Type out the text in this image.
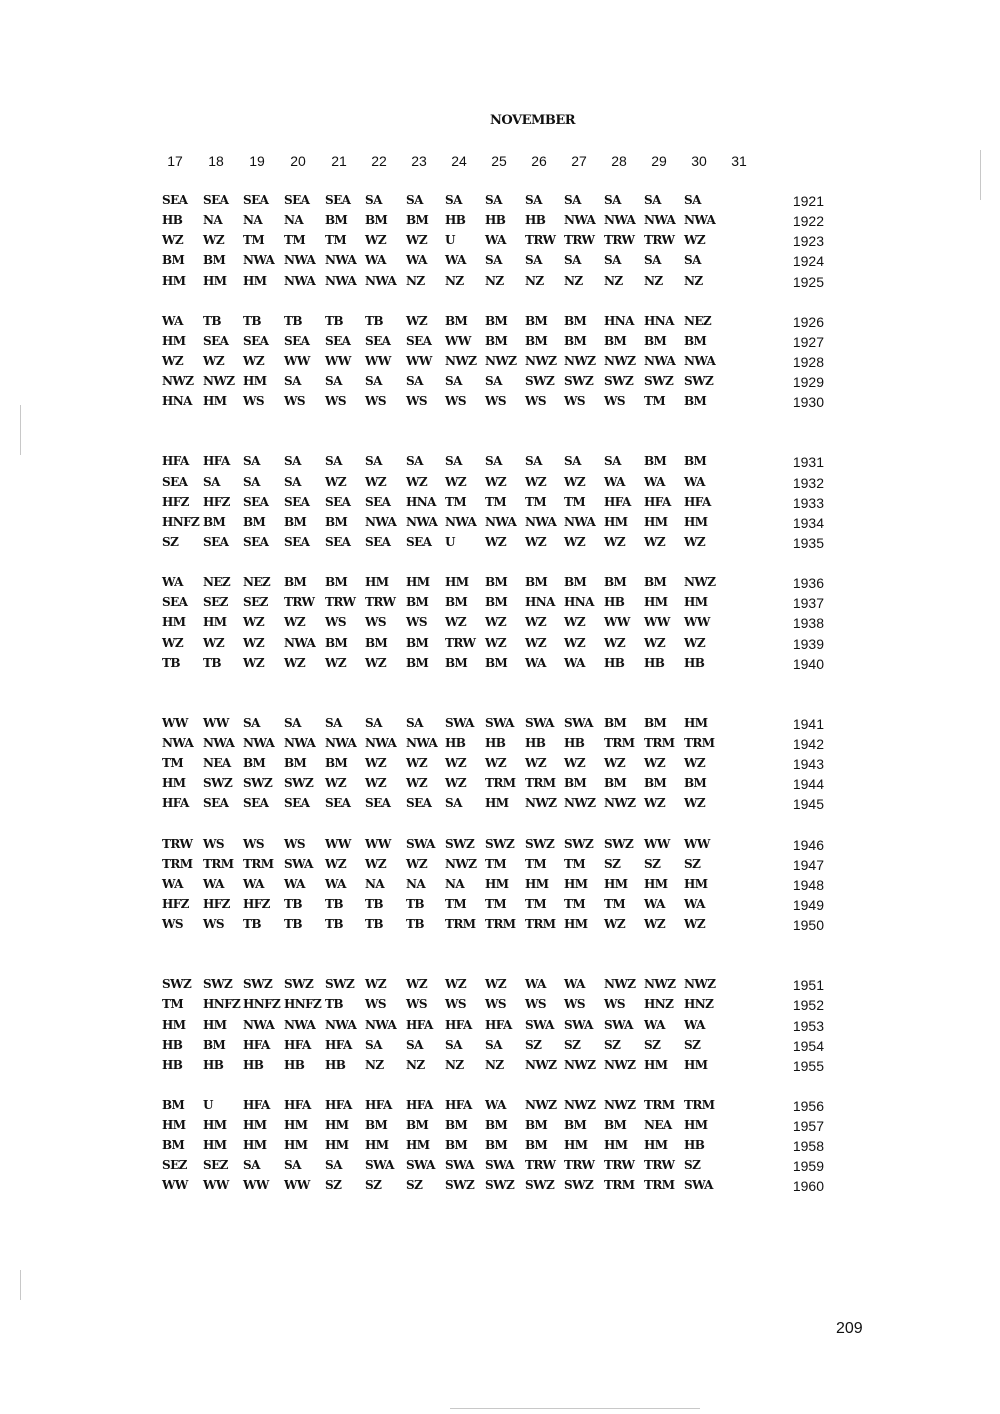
NOVEMBER
17	18	19	20	21	22	23	24	25	26	27	28	29	30	31
SEA SEA SEA SEA SEA SA SA SA SA SA SA SA SA SA	1921
HB NA NA NA BM BM BM HB HB HB NWA NWA NWA NWA	1922
WZ WZ TM TM TM WZ WZ U	WA TRW TRW TRW TRW WZ	1923
BM BM NWA NWA NWA WA WA WA SA SA SA SA SA SA	1924
HM HM HM NWA NWA NWA NZ NZ NZ NZ NZ NZ NZ NZ	1925
WA TB TB TB TB TB WZ BM BM BM BM HNA HNA NEZ	1926
HM SEA SEA SEA SEA SEA SEA WW BM BM BM BM BM BM	1927
WZ WZ WZ WW WW WW WW NWZ NWZ NWZ NWZ NWZ NWA NWA	1928
NWZ NWZ HM SA SA SA SA SA SA SWZ SWZ SWZ SWZ SWZ	1929
HNA HM WS WS WS WS WS WS WS WS WS WS TM BM	1930
HFA HFA SA SA SA SA SA SA SA SA SA SA BM BM	1931
SEA SA SA SA WZ WZ WZ WZ WZ WZ WZ WA WA WA	1932
HFZ HFZ SEA SEA SEA SEA HNA TM TM TM TM HFA HFA HFA	1933
HNFZ BM BM BM BM NWA NWA NWA NWA NWA NWA HM HM HM	1934
SZ SEA SEA SEA SEA SEA SEA U	WZ WZ WZ WZ WZ WZ	1935
WA NEZ NEZ BM BM HM HM HM BM BM BM BM BM NWZ	1936
SEA SEZ SEZ TRW TRW TRW BM BM BM HNA HNA HB HM HM	1937
HM HM WZ WZ WS WS WS WZ WZ WZ WZ WW WW WW	1938
WZ WZ WZ NWA BM BM BM TRW WZ WZ WZ WZ WZ WZ	1939
TB TB WZ WZ WZ WZ BM BM BM WA WA HB HB HB	1940
WW WW SA SA SA SA SA SWA SWA SWA SWA BM BM HM	1941
NWA NWA NWA NWA NWA NWA NWA HB HB HB HB TRM TRM TRM	1942
TM NEA BM BM BM WZ WZ WZ WZ WZ WZ WZ WZ WZ	1943
HM SWZ SWZ SWZ WZ WZ WZ WZ TRM TRM BM BM BM BM	1944
HFA SEA SEA SEA SEA SEA SEA SA HM NWZ NWZ NWZ WZ WZ	1945
TRW WS WS WS WW WW SWA SWZ SWZ SWZ SWZ SWZ WW WW	1946
TRM TRM TRM SWA WZ WZ WZ NWZ TM TM TM SZ SZ SZ	1947
WA WA WA WA WA NA NA NA HM HM HM HM HM HM	1948
HFZ HFZ HFZ TB TB TB TB TM TM TM TM TM WA WA	1949
WS WS TB TB TB TB TB TRM TRM TRM HM WZ WZ WZ	1950
SWZ SWZ SWZ SWZ SWZ WZ WZ WZ WZ WA WA NWZ NWZ NWZ	1951
TM HNFZ HNFZ HNFZ TB WS WS WS WS WS WS WS HNZ HNZ	1952
HM HM NWA NWA NWA NWA HFA HFA HFA SWA SWA SWA WA WA	1953
HB BM HFA HFA HFA SA SA SA SA SZ SZ SZ SZ SZ	1954
HB HB HB HB HB NZ NZ NZ NZ NWZ NWZ NWZ HM HM	1955
BM U	HFA HFA HFA HFA HFA HFA WA NWZ NWZ NWZ TRM TRM	1956
HM HM HM HM HM BM BM BM BM BM BM BM NEA HM	1957
BM HM HM HM HM HM HM BM BM BM HM HM HM HB	1958
SEZ SEZ SA SA SA SWA SWA SWA SWA TRW TRW TRW TRW SZ	1959
WW WW WW WW SZ SZ SZ SWZ SWZ SWZ SWZ TRM TRM SWA	1960
209
